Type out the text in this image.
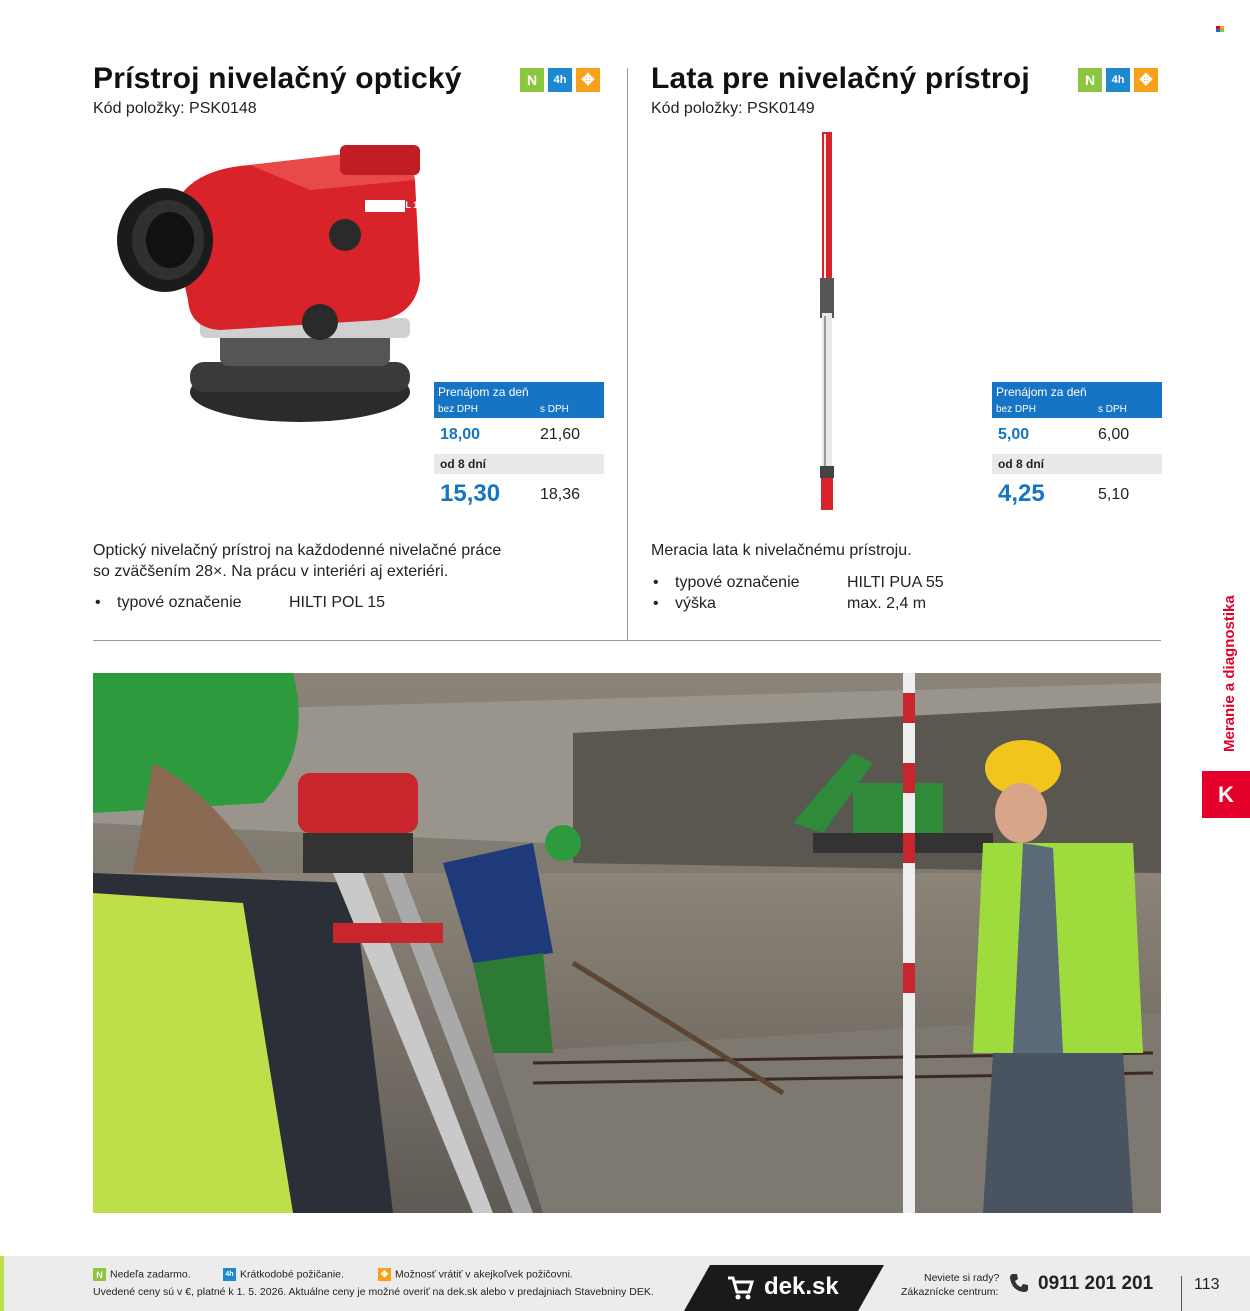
Prístroj nivelačný optický
Kód položky: PSK0148
N	4h ✥
HILTI POL 15
Prenájom za deň
bez DPH	s DPH
18,00	21,60
od 8 dní
15,30 18,36
Optický nivelačný prístroj na každodenné nivelačné práce
so zväčšením 28×. Na prácu v interiéri aj exteriéri.
• typové označenie	HILTI POL 15
Lata pre nivelačný prístroj
Kód položky: PSK0149
N	4h ✥
Prenájom za deň
bez DPH	s DPH
5,00	6,00
od 8 dní
4,25	5,10
Meracia lata k nivelačnému prístroju.
• typové označenie	HILTI PUA 55
• výška	max. 2,4 m	Meranie a diagnostika
K
N Nedeľa zadarmo.	4h Krátkodobé požičanie.	✥ Možnosť vrátiť v akejkoľvek požičovni.
Uvedené ceny sú v €, platné k 1. 5. 2026. Aktuálne ceny je možné overiť na dek.sk alebo v predajniach Stavebniny DEK.	dek.sk	Neviete si rady?
Zákaznícke centrum: 0911 201 201	113
